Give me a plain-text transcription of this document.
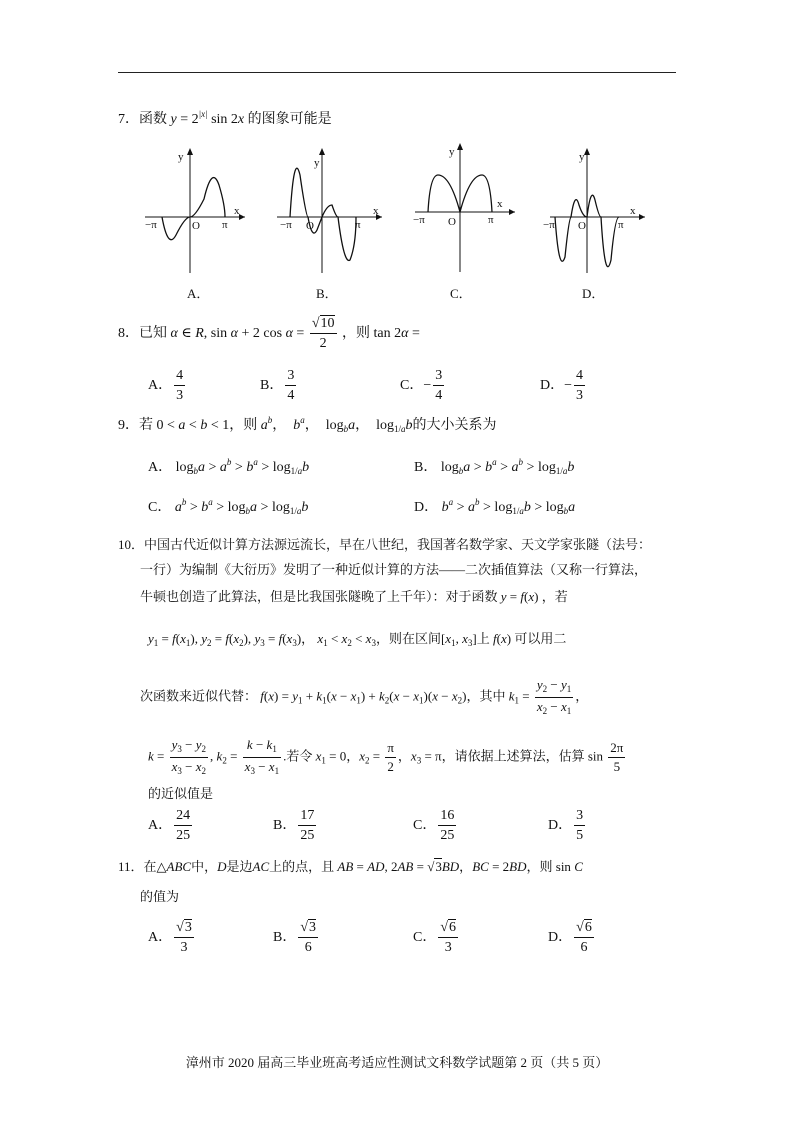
7．函数 $y = 2^{|x|}$ sin 2x 的图象可能是
y
x
O
−π	π
y
x
O
−π	π
y
x
O
−π	π
y
x
O
−π	π
A．	B．	C．	D．
8．已知 α ∈ R, sin α + 2 $\cos \alpha = \frac{√10}{2}$ ，则 tan 2α =
A． $\frac{4}{3}$	B． $\frac{3}{4}$	C．− $\frac{3}{4}$	D．− $\frac{4}{3}$
9．若 0 < a < b < 1，则 $a^b$，  $b^a$，  $\log_ba$，  $\log_{1/a}b$的大小关系为
A． $\log_ba > a^b > b^a > \log_{1/a}b$	B． $\log_ba > b^a > a^b > \log_{1/a}b$
C． $a^b > b^a > \log_ba > \log_{1/a}b$	D． $b^a > a^b > \log_{1/a}b > \log_ba$
10．中国古代近似计算方法源远流长，早在八世纪，我国著名数学家、天文学家张隧（法号：
一行）为编制《大衍历》发明了一种近似计算的方法——二次插值算法（又称一行算法，
牛顿也创造了此算法，但是比我国张隧晚了上千年）：对于函数 y = f(x) ，若
$y_1 = f(x_1)$, $y_2 = f(x_2)$, $y_3 = f(x_3)$， $x_1 < x_2 < x_3$，则在区间[$x_1$, $x_3$]上 f(x) 可以用二
次函数来近似代替： $f(x) = y_1 + k_1(x - x_1) + k_2(x - x_1)(x - x_2)$，其中 $k_1 = \frac{y_2 - y_1}{x_2 - x_1}$ ，
$k = \frac{y_3 - y_2}{x_3 - x_2}$ , $k_2 = \frac{k - k_1}{x_3 - x_1}$ .若令 $x_1 = 0$，$x_2 = \frac{\pi}{2}$ ，$x_3 = \pi$，请依据上述算法，估算 $\sin \frac{2\pi}{5}$
的近似值是
A． $\frac{24}{25}$	B． $\frac{17}{25}$	C． $\frac{16}{25}$	D． $\frac{3}{5}$
11．在△ABC中，D是边AC上的点，且 AB = AD, 2AB = √3BD，BC = 2BD，则 sin C
的值为
A． $\frac{√3}{3}$	B． $\frac{√3}{6}$	C． $\frac{√6}{3}$	D． $\frac{√6}{6}$
漳州市 2020 届高三毕业班高考适应性测试文科数学试题第 2 页（共 5 页）
